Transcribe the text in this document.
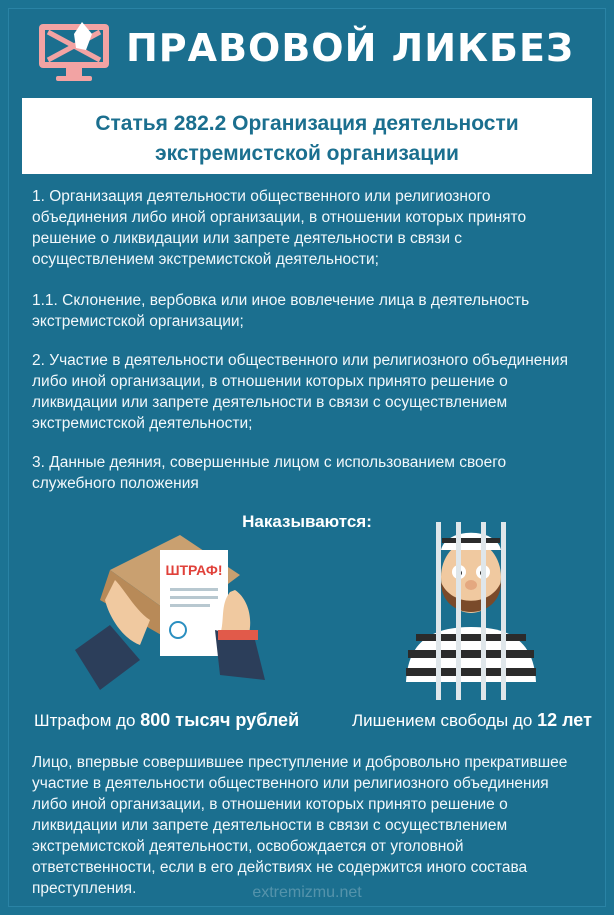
ПРАВОВОЙ ЛИКБЕЗ
Статья 282.2 Организация деятельности
экстремистской организации
1. Организация деятельности общественного или религиозного объединения либо иной организации, в отношении которых принято решение о ликвидации или запрете деятельности в связи с осуществлением экстремистской деятельности;
1.1. Склонение, вербовка или иное вовлечение лица в деятельность экстремистской организации;
2. Участие в деятельности общественного или религиозного объединения либо иной организации, в отношении которых принято решение о ликвидации или запрете деятельности в связи с осуществлением экстремистской деятельности;
3. Данные деяния, совершенные лицом с использованием своего служебного положения
Наказываются:
ШТРАФ!
Штрафом до 800 тысяч рублей	Лишением свободы до 12 лет
Лицо, впервые совершившее преступление и добровольно прекратившее участие в деятельности общественного или религиозного объединения либо иной организации, в отношении которых принято решение о ликвидации или запрете деятельности в связи с осуществлением экстремистской деятельности, освобождается от уголовной ответственности, если в его действиях не содержится иного состава преступления.	extremizmu.net
